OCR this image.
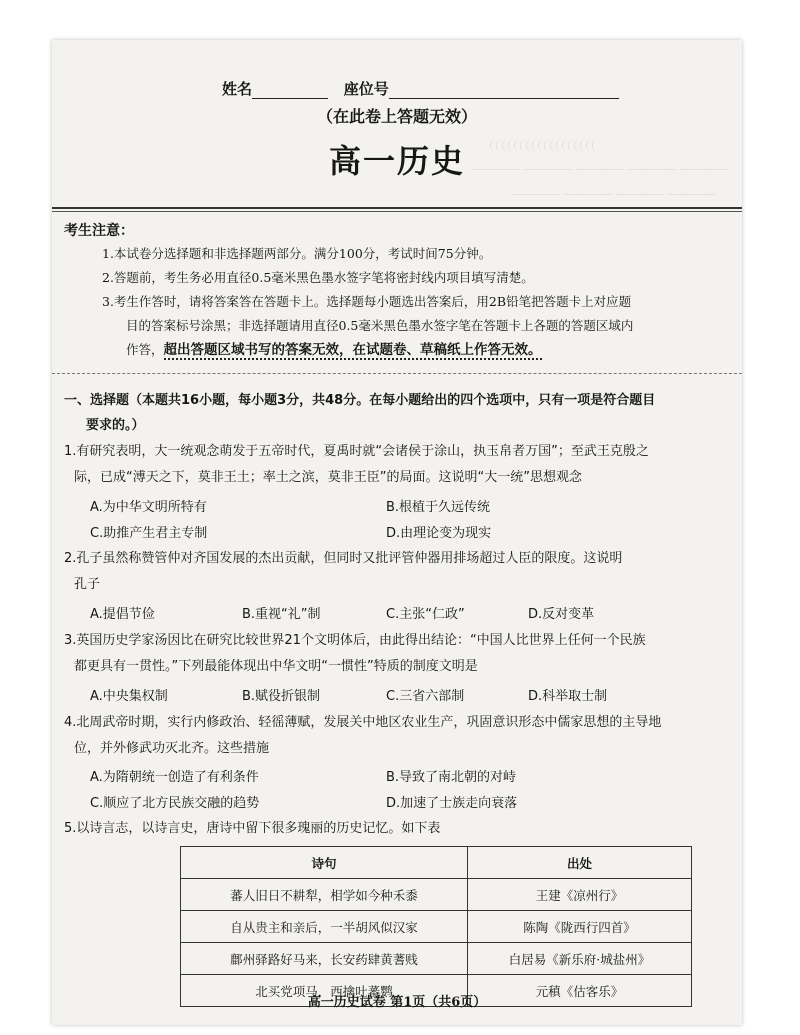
（（（（（（（（（（（（（（（（（（
———— ———— ———— ———— ————
———— ———— ———— ————
姓名	座位号
（在此卷上答题无效）
高一历史
考生注意：
1.本试卷分选择题和非选择题两部分。满分100分，考试时间75分钟。
2.答题前，考生务必用直径0.5毫米黑色墨水签字笔将密封线内项目填写清楚。
3.考生作答时，请将答案答在答题卡上。选择题每小题选出答案后，用2B铅笔把答题卡上对应题
目的答案标号涂黑；非选择题请用直径0.5毫米黑色墨水签字笔在答题卡上各题的答题区域内
作答，超出答题区域书写的答案无效，在试题卷、草稿纸上作答无效。
一、选择题（本题共16小题，每小题3分，共48分。在每小题给出的四个选项中，只有一项是符合题目
要求的。）
1.有研究表明，大一统观念萌发于五帝时代，夏禹时就“会诸侯于涂山，执玉帛者万国”；至武王克殷之
际，已成“溥天之下，莫非王土；率土之滨，莫非王臣”的局面。这说明“大一统”思想观念
A.为中华文明所特有	B.根植于久远传统
C.助推产生君主专制	D.由理论变为现实
2.孔子虽然称赞管仲对齐国发展的杰出贡献，但同时又批评管仲器用排场超过人臣的限度。这说明
孔子
A.提倡节俭	B.重视“礼”制	C.主张“仁政”	D.反对变革
3.英国历史学家汤因比在研究比较世界21个文明体后，由此得出结论：“中国人比世界上任何一个民族
都更具有一贯性。”下列最能体现出中华文明“一惯性”特质的制度文明是
A.中央集权制	B.赋役折银制	C.三省六部制	D.科举取士制
4.北周武帝时期，实行内修政治、轻徭薄赋，发展关中地区农业生产，巩固意识形态中儒家思想的主导地
位，并外修武功灭北齐。这些措施
A.为隋朝统一创造了有利条件	B.导致了南北朝的对峙
C.顺应了北方民族交融的趋势	D.加速了士族走向衰落
5.以诗言志，以诗言史，唐诗中留下很多瑰丽的历史记忆。如下表
诗句	出处
蕃人旧日不耕犁，相学如今种禾黍	王建《凉州行》
自从贵主和亲后，一半胡风似汉家	陈陶《陇西行四首》
鄜州驿路好马来，长安药肆黄蓍贱	白居易《新乐府·城盐州》
北买党项马，西擒吐蕃鹦	元稹《估客乐》
高一历史试卷 第1页（共6页）
